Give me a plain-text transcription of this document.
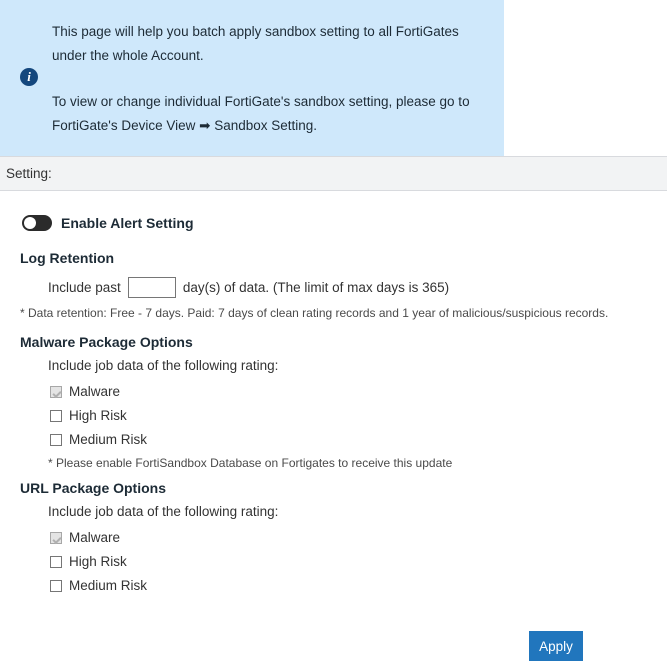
i

This page will help you batch apply sandbox setting to all FortiGates under the whole Account.

To view or change individual FortiGate's sandbox setting, please go to FortiGate's Device View ➡ Sandbox Setting.

Setting:
Enable Alert Setting
Log Retention
Include past	day(s) of data. (The limit of max days is 365)
* Data retention: Free - 7 days. Paid: 7 days of clean rating records and 1 year of malicious/suspicious records.
Malware Package Options
Include job data of the following rating:
Malware
High Risk
Medium Risk
* Please enable FortiSandbox Database on Fortigates to receive this update
URL Package Options
Include job data of the following rating:
Malware
High Risk
Medium Risk
Apply
